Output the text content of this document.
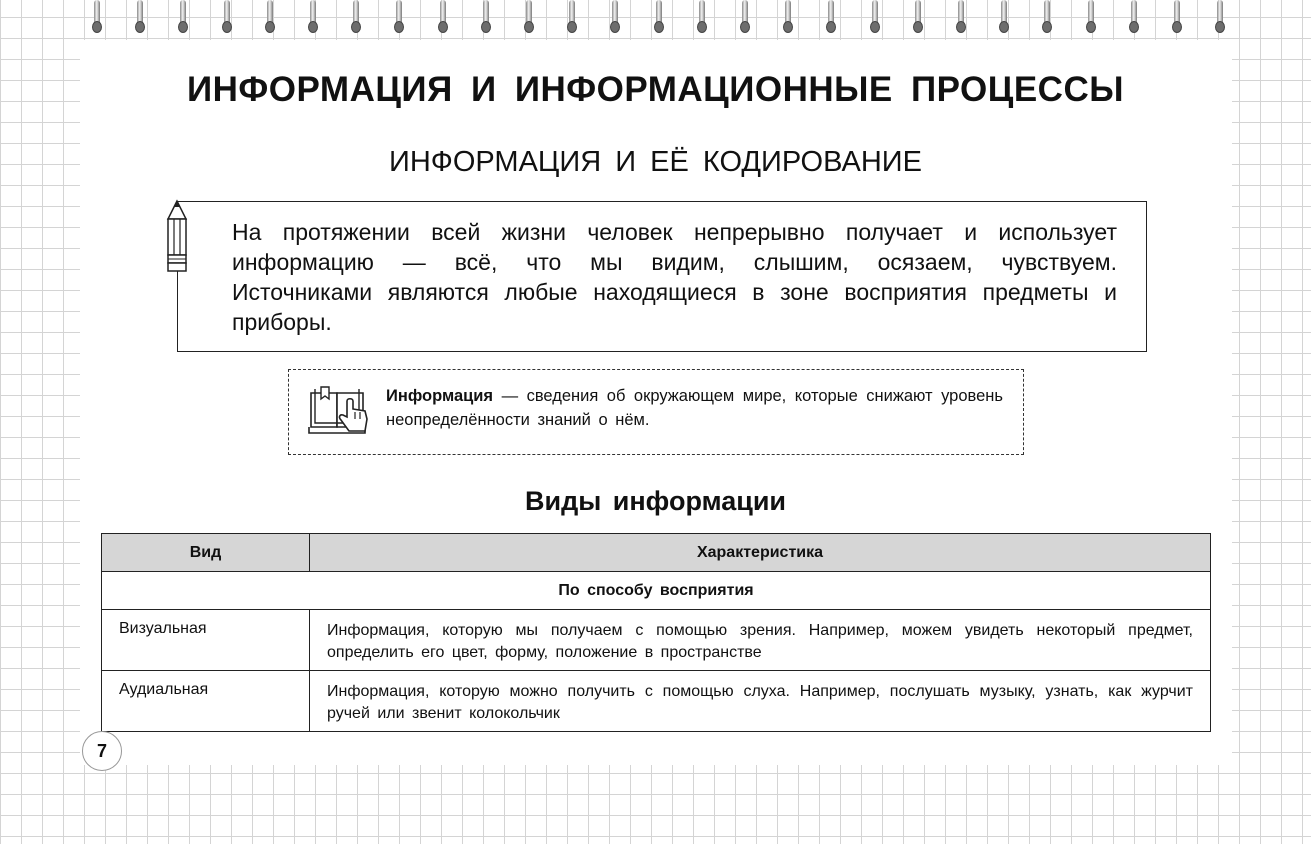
ИНФОРМАЦИЯ И ИНФОРМАЦИОННЫЕ ПРОЦЕССЫ
ИНФОРМАЦИЯ И ЕЁ КОДИРОВАНИЕ
На протяжении всей жизни человек непрерывно получает и использует информацию — всё, что мы видим, слышим, осязаем, чувствуем. Источниками являются любые находящиеся в зоне восприятия предметы и приборы.
Информация — сведения об окружающем мире, которые снижают уровень неопределённости знаний о нём.
Виды информации
Вид	Характеристика
По способу восприятия	
Визуальная	Информация, которую мы получаем с помощью зрения. Например, можем увидеть некоторый предмет, определить его цвет, форму, положение в пространстве
Аудиальная	Информация, которую можно получить с помощью слуха. Например, послушать музыку, узнать, как журчит ручей или звенит колокольчик
7
